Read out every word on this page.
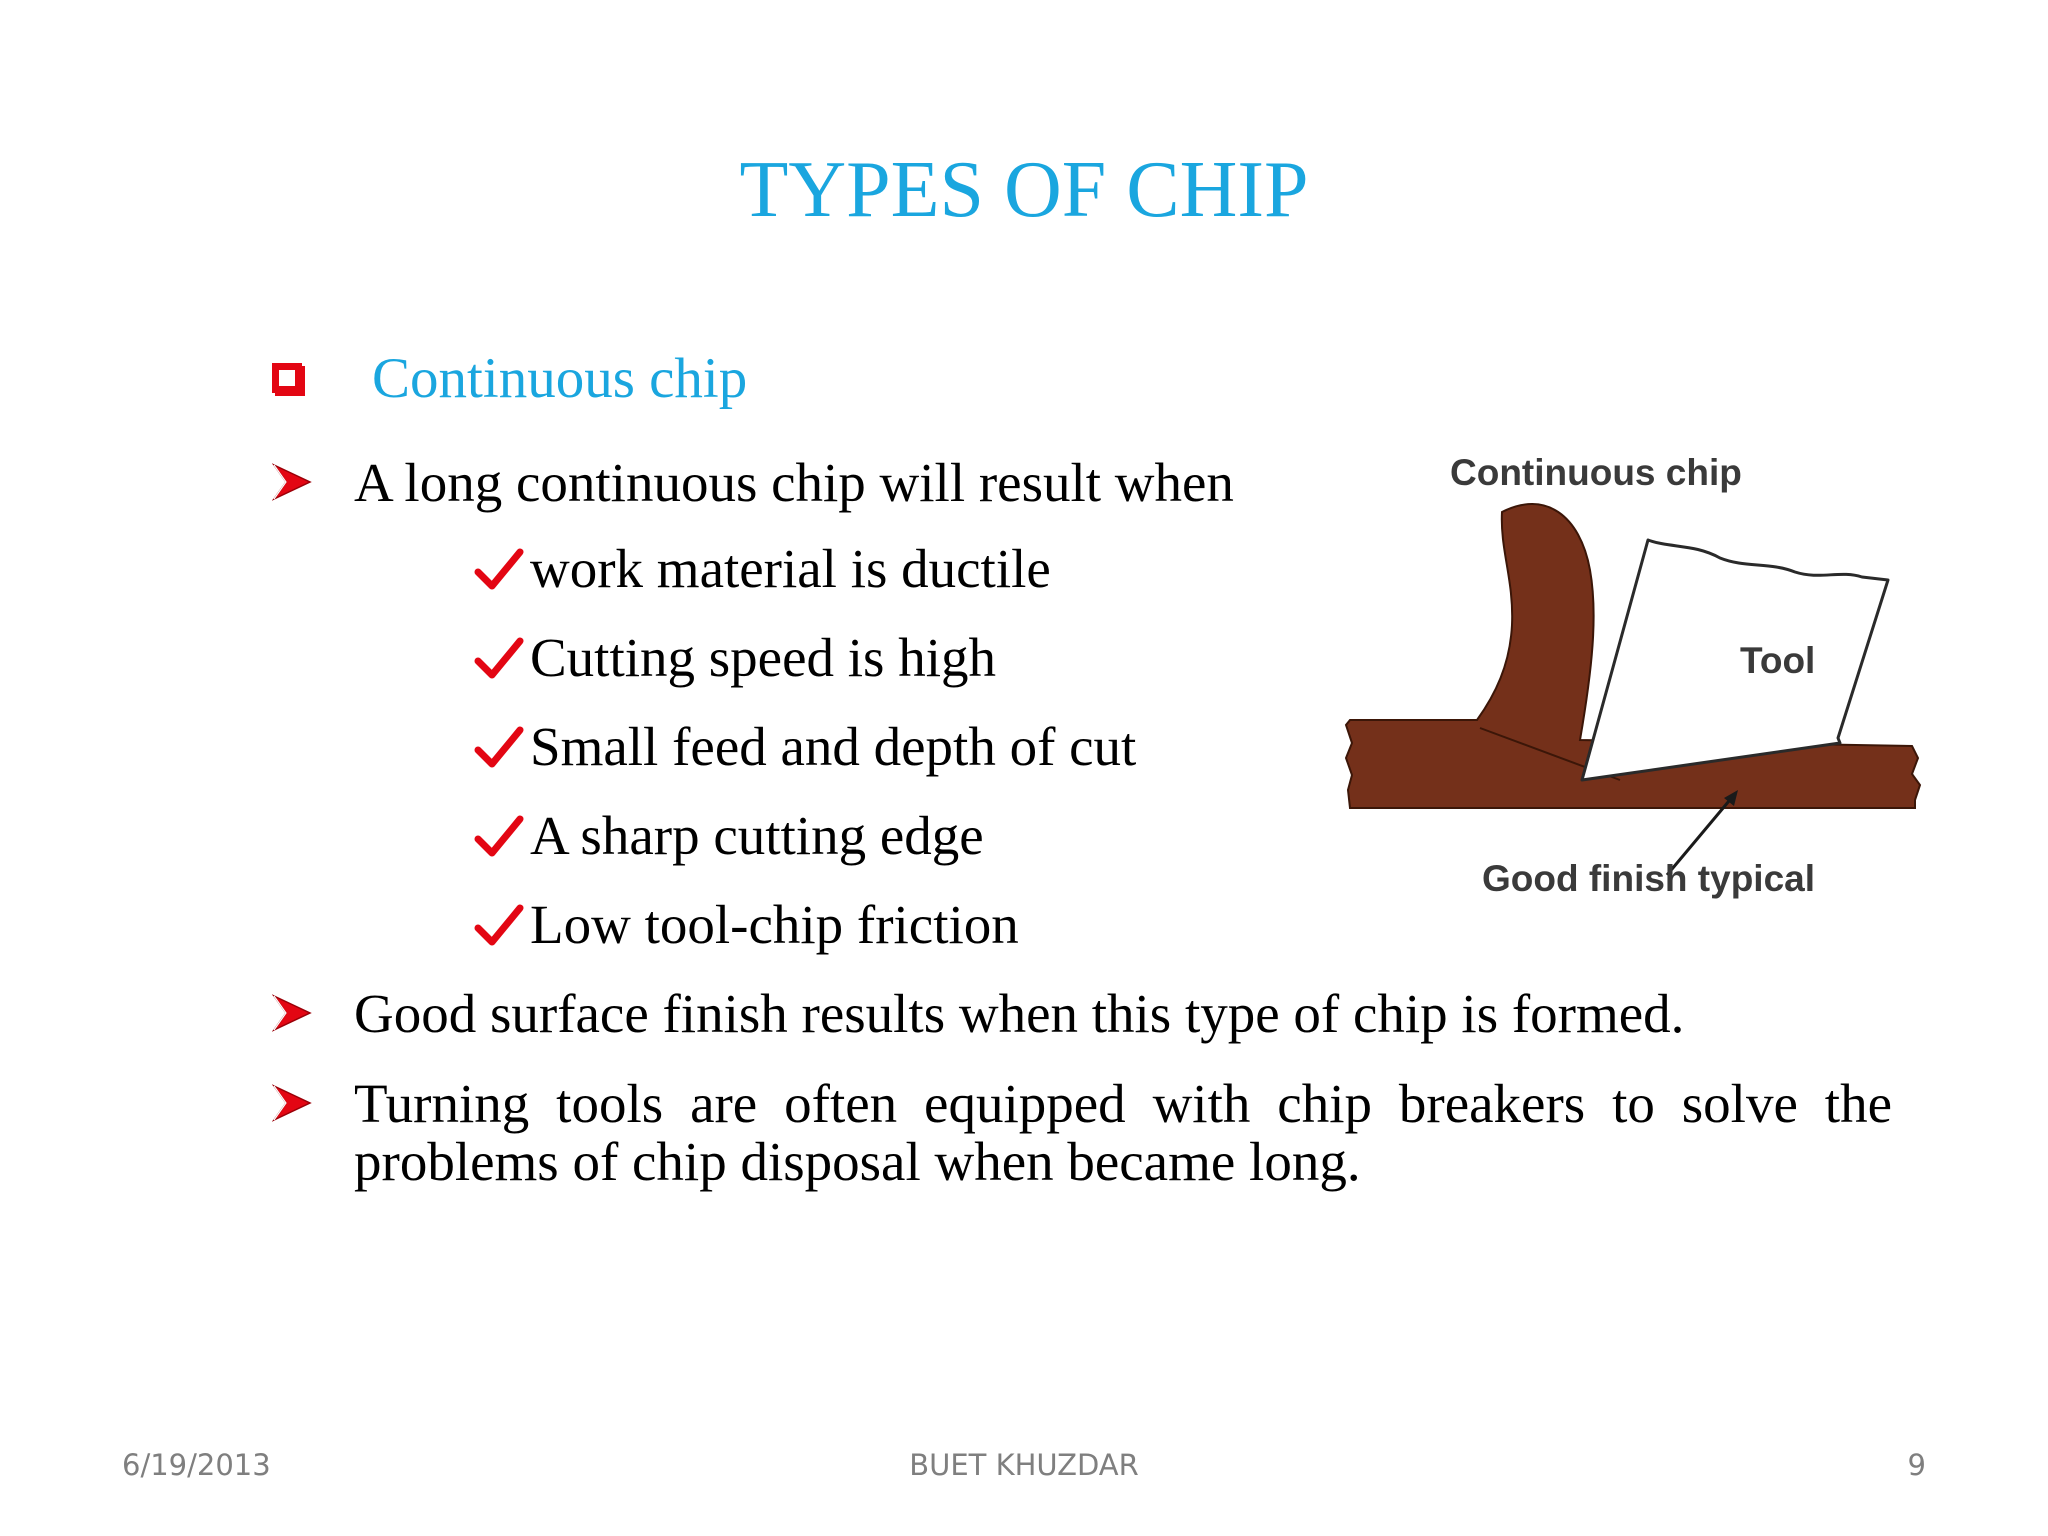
TYPES OF CHIP
Continuous chip
A long continuous chip will result when
work material is ductile
Cutting speed is high
Small feed and depth of cut
A sharp cutting edge
Low tool-chip friction
Good surface finish results when this type of chip is formed.
Turning tools are often equipped with chip breakers to solve the problems of chip disposal when became long.
Continuous chip
Tool
Good finish typical
6/19/2013	BUET KHUZDAR	9
